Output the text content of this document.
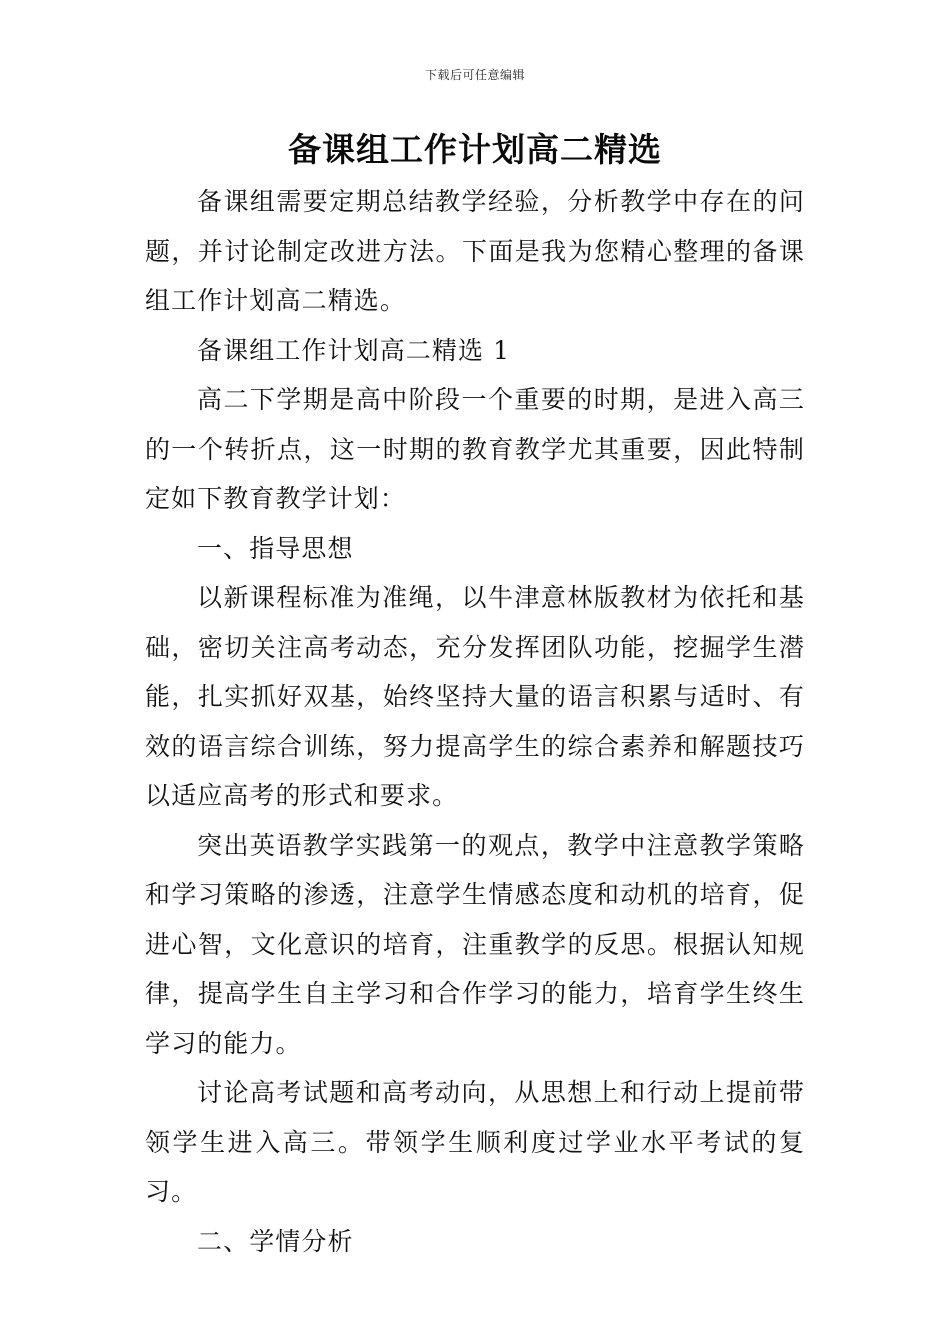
下载后可任意编辑
备课组工作计划高二精选

备课组需要定期总结教学经验，分析教学中存在的问题，并讨论制定改进方法。下面是我为您精心整理的备课组工作计划高二精选。

备课组工作计划高二精选 1

高二下学期是高中阶段一个重要的时期，是进入高三的一个转折点，这一时期的教育教学尤其重要，因此特制定如下教育教学计划：

一、指导思想

以新课程标准为准绳，以牛津意林版教材为依托和基础，密切关注高考动态，充分发挥团队功能，挖掘学生潜能，扎实抓好双基，始终坚持大量的语言积累与适时、有效的语言综合训练，努力提高学生的综合素养和解题技巧以适应高考的形式和要求。

突出英语教学实践第一的观点，教学中注意教学策略和学习策略的渗透，注意学生情感态度和动机的培育，促进心智，文化意识的培育，注重教学的反思。根据认知规律，提高学生自主学习和合作学习的能力，培育学生终生学习的能力。

讨论高考试题和高考动向，从思想上和行动上提前带领学生进入高三。带领学生顺利度过学业水平考试的复习。

二、学情分析
